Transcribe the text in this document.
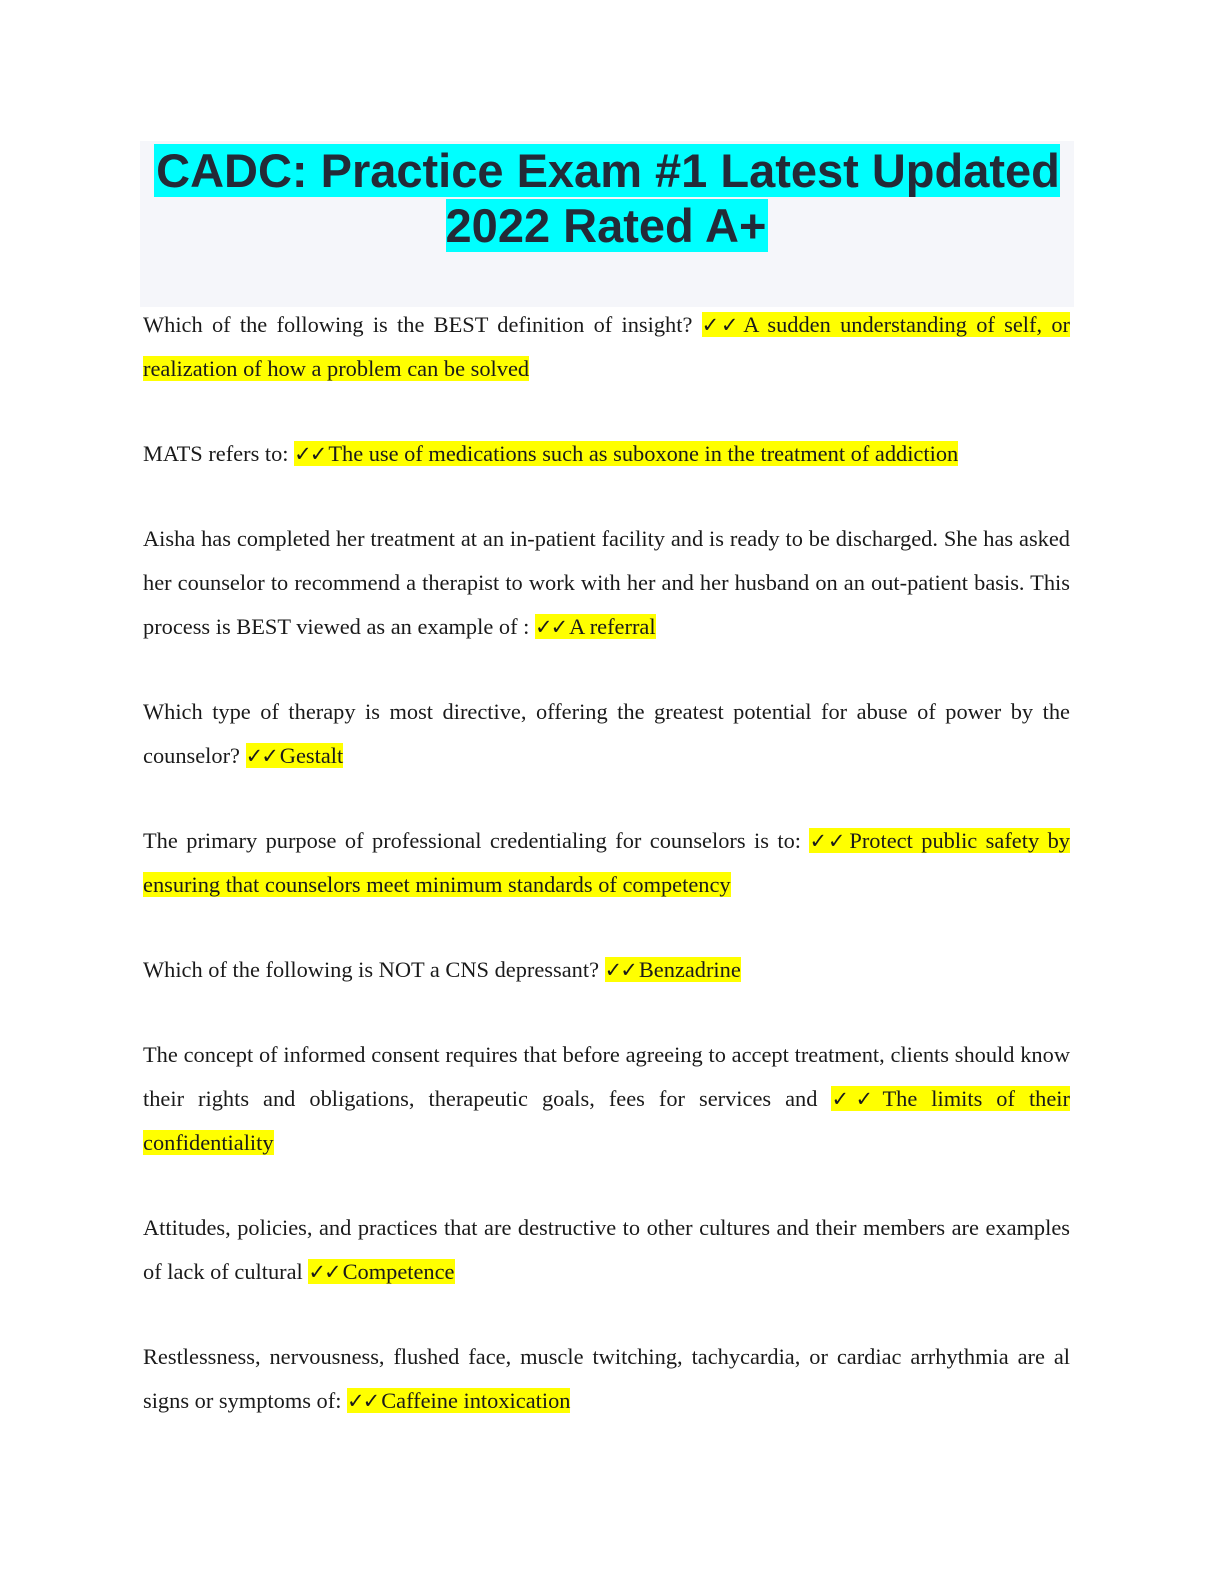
CADC: Practice Exam #1 Latest Updated 2022 Rated A+

Which of the following is the BEST definition of insight? ✓✓ A sudden understanding of self, or realization of how a problem can be solved

MATS refers to: ✓✓ The use of medications such as suboxone in the treatment of addiction

Aisha has completed her treatment at an in-patient facility and is ready to be discharged. She has asked her counselor to recommend a therapist to work with her and her husband on an out-patient basis. This process is BEST viewed as an example of : ✓✓ A referral

Which type of therapy is most directive, offering the greatest potential for abuse of power by the counselor? ✓✓ Gestalt

The primary purpose of professional credentialing for counselors is to: ✓✓ Protect public safety by ensuring that counselors meet minimum standards of competency

Which of the following is NOT a CNS depressant? ✓✓ Benzadrine

The concept of informed consent requires that before agreeing to accept treatment, clients should know their rights and obligations, therapeutic goals, fees for services and ✓✓ The limits of their confidentiality

Attitudes, policies, and practices that are destructive to other cultures and their members are examples of lack of cultural ✓✓ Competence

Restlessness, nervousness, flushed face, muscle twitching, tachycardia, or cardiac arrhythmia are al signs or symptoms of: ✓✓ Caffeine intoxication
